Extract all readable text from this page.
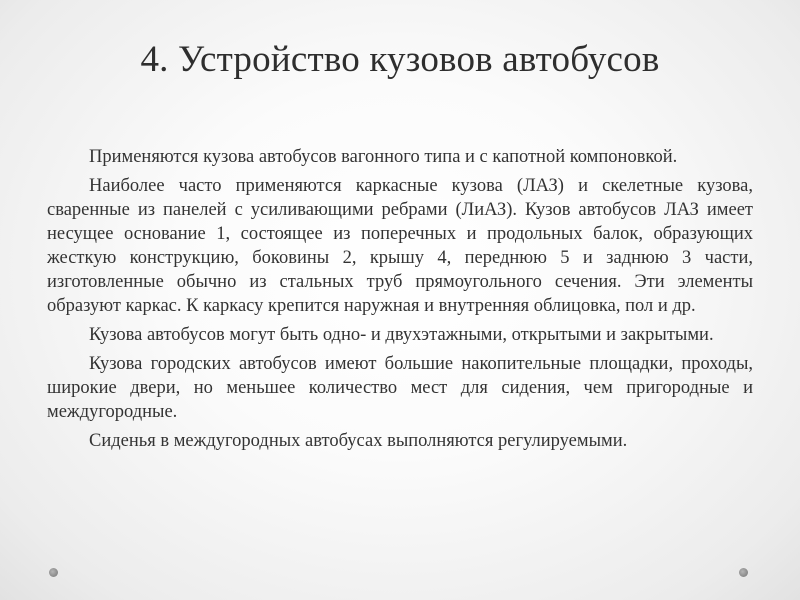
4. Устройство кузовов автобусов

Применяются кузова автобусов вагонного типа и с капотной компоновкой.

Наиболее часто применяются каркасные кузова (ЛАЗ) и скелетные кузова, сваренные из панелей с усиливающими ребрами (ЛиАЗ). Кузов автобусов ЛАЗ имеет несущее основание 1, состоящее из поперечных и продольных балок, образующих жесткую конструкцию, боковины 2, крышу 4, переднюю 5 и заднюю 3 части, изготовленные обычно из стальных труб прямоугольного сечения. Эти элементы образуют каркас. К каркасу крепится наружная и внутренняя облицовка, пол и др.

Кузова автобусов могут быть одно- и двухэтажными, открытыми и закрытыми.

Кузова городских автобусов имеют большие накопительные площадки, проходы, широкие двери, но меньшее количество мест для сидения, чем пригородные и междугородные.

Сиденья в междугородных автобусах выполняются регулируемыми.
